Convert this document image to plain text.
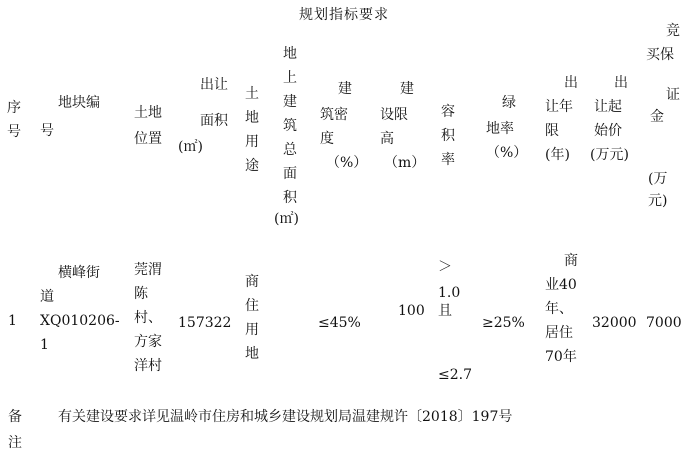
规划指标要求
序号
地块编
号
土地位置
出让
面积
(㎡)
土地用途
地上建筑总面积
(㎡)
建
筑密
度
（%）
建
设限
高
（m）
容积率
绿
地率
（%）
出
让年
限
(年)
出
让起
始价
(万元)
竞
买保
证
金
(万
元)
1
横峰街
道
XQ010206-
1
莞渭陈村、方家洋村
157322
商住用地
≤45%
100
＞
1.0
且
≤2.7
≥25%
商
业40
年、
居住
70年
32000 7000
备注
有关建设要求详见温岭市住房和城乡建设规划局温建规许〔2018〕197号
